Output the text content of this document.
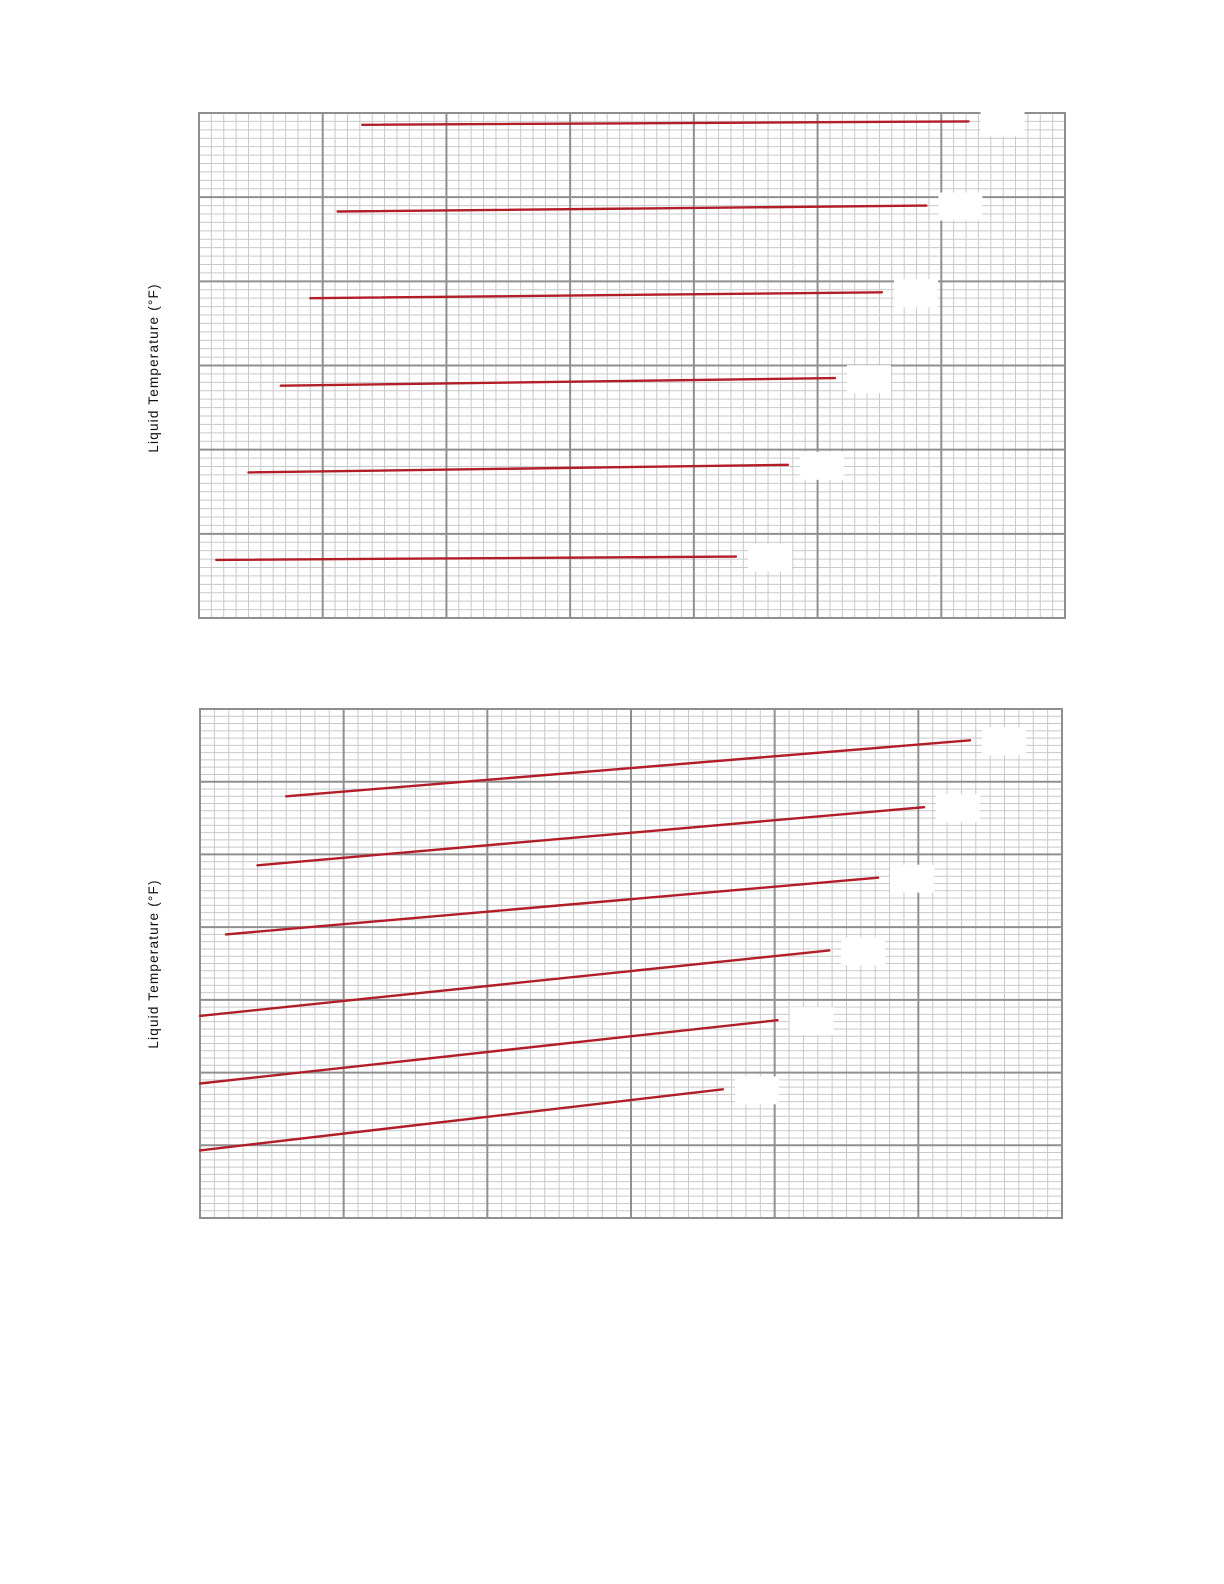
Liquid Temperature (°F)
Liquid Temperature (°F)
